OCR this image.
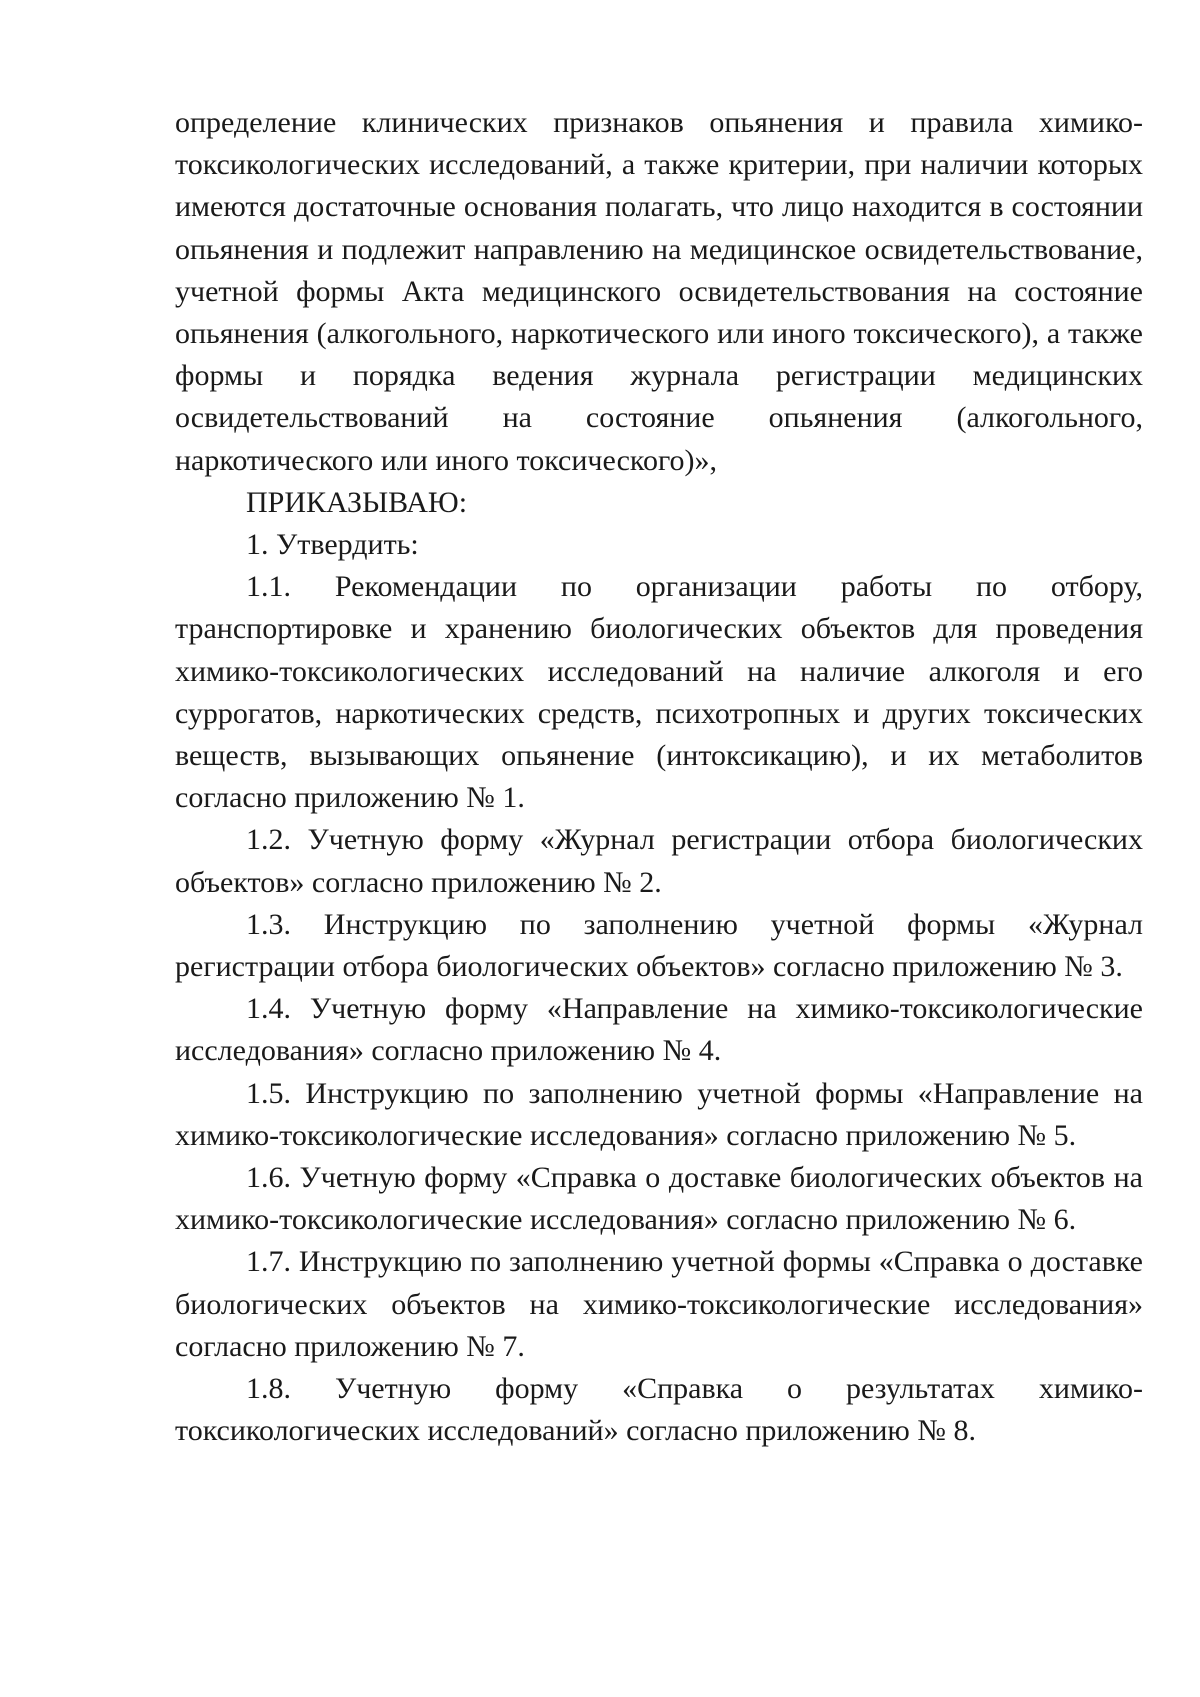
определение клинических признаков опьянения и правила химико-токсикологических исследований, а также критерии, при наличии которых имеются достаточные основания полагать, что лицо находится в состоянии опьянения и подлежит направлению на медицинское освидетельствование, учетной формы Акта медицинского освидетельствования на состояние опьянения (алкогольного, наркотического или иного токсического), а также формы и порядка ведения журнала регистрации медицинских освидетельствований на состояние опьянения (алкогольного, наркотического или иного токсического)»,

ПРИКАЗЫВАЮ:

1. Утвердить:

1.1. Рекомендации по организации работы по отбору, транспортировке и хранению биологических объектов для проведения химико-токсикологических исследований на наличие алкоголя и его суррогатов, наркотических средств, психотропных и других токсических веществ, вызывающих опьянение (интоксикацию), и их метаболитов согласно приложению № 1.

1.2. Учетную форму «Журнал регистрации отбора биологических объектов» согласно приложению № 2.

1.3. Инструкцию по заполнению учетной формы «Журнал регистрации отбора биологических объектов» согласно приложению № 3.

1.4. Учетную форму «Направление на химико-токсикологические исследования» согласно приложению № 4.

1.5. Инструкцию по заполнению учетной формы «Направление на химико-токсикологические исследования» согласно приложению № 5.

1.6. Учетную форму «Справка о доставке биологических объектов на химико-токсикологические исследования» согласно приложению № 6.

1.7. Инструкцию по заполнению учетной формы «Справка о доставке биологических объектов на химико-токсикологические исследования» согласно приложению № 7.

1.8. Учетную форму «Справка о результатах химико-токсикологических исследований» согласно приложению № 8.
